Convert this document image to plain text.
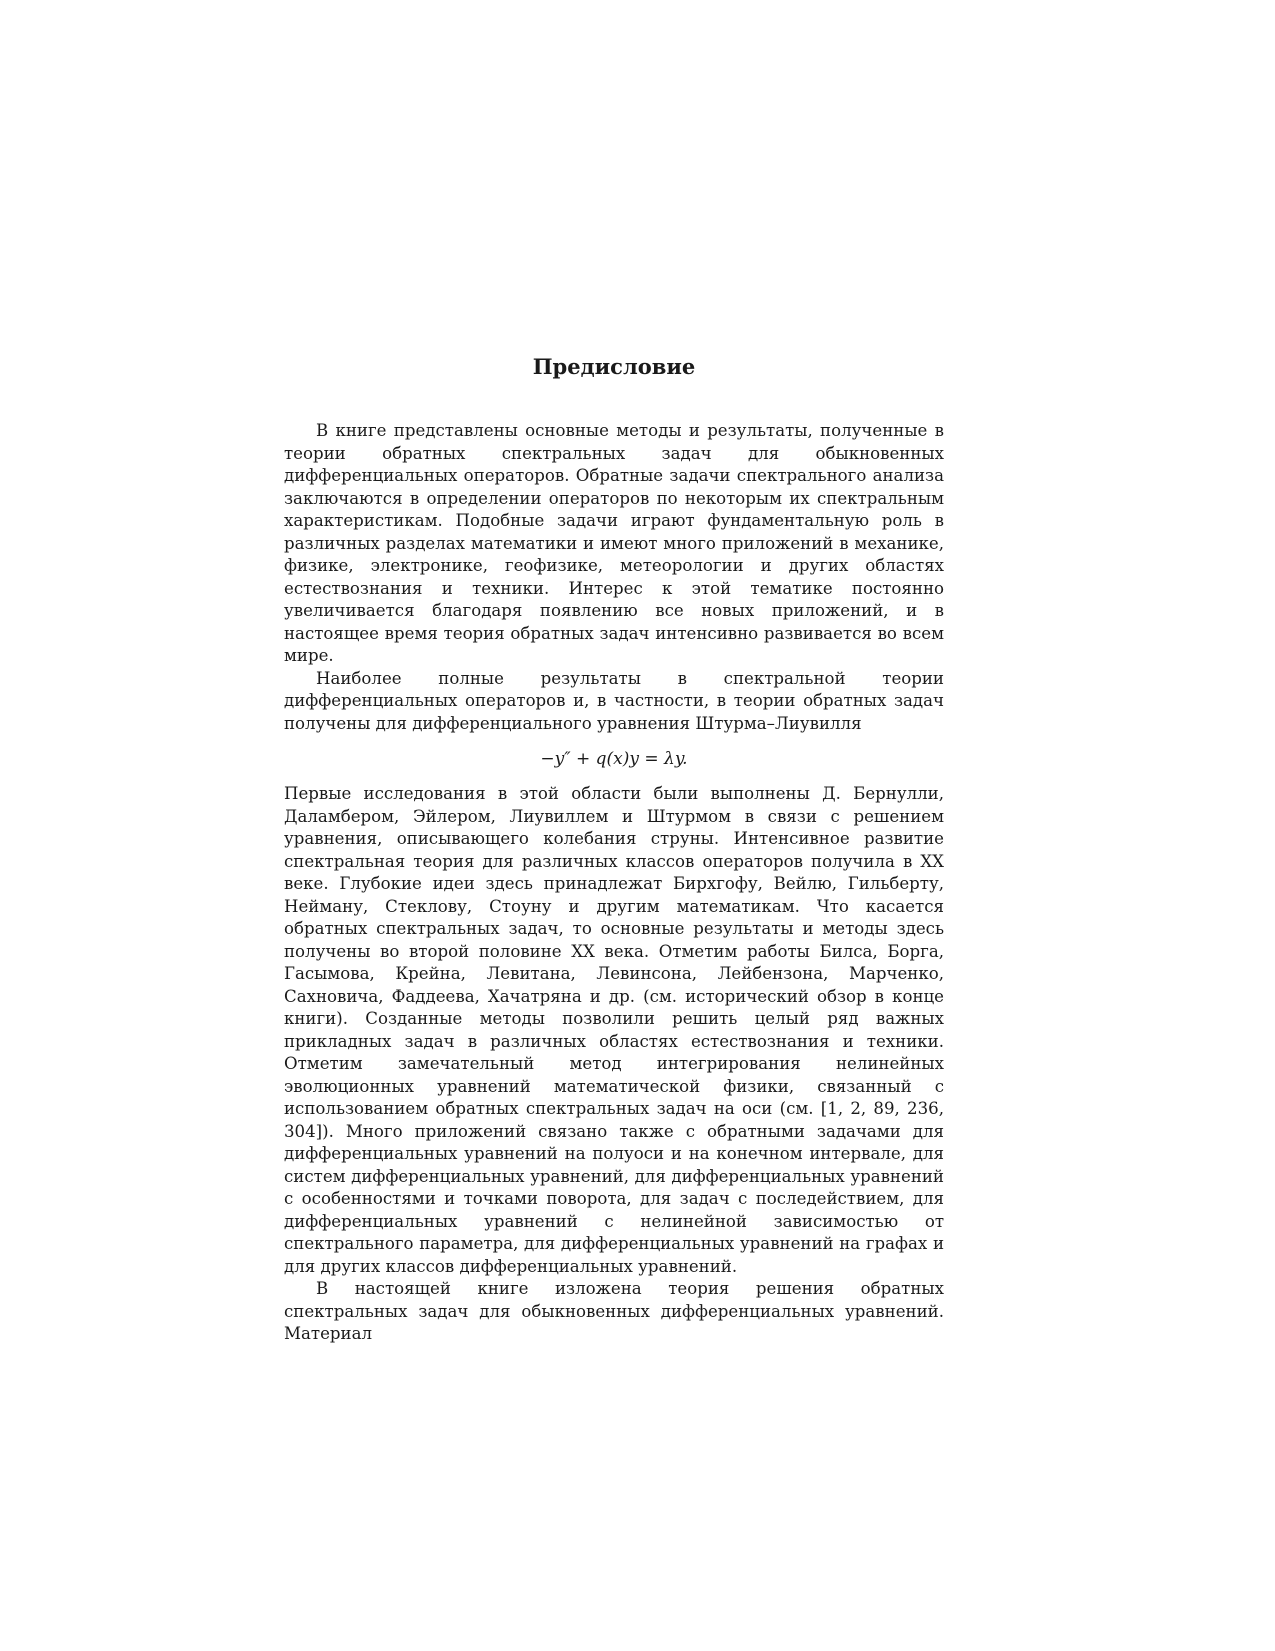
Предисловие

В книге представлены основные методы и результаты, полученные в теории обратных спектральных задач для обыкновенных дифференциальных операторов. Обратные задачи спектрального анализа заключаются в определении операторов по некоторым их спектральным характеристикам. Подобные задачи играют фундаментальную роль в различных разделах математики и имеют много приложений в механике, физике, электронике, геофизике, метеорологии и других областях естествознания и техники. Интерес к этой тематике постоянно увеличивается благодаря появлению все новых приложений, и в настоящее время теория обратных задач интенсивно развивается во всем мире.

Наиболее полные результаты в спектральной теории дифференциальных операторов и, в частности, в теории обратных задач получены для дифференциального уравнения Штурма–Лиувилля

−y″ + q(x)y = λy.

Первые исследования в этой области были выполнены Д. Бернулли, Даламбером, Эйлером, Лиувиллем и Штурмом в связи с решением уравнения, описывающего колебания струны. Интенсивное развитие спектральная теория для различных классов операторов получила в XX веке. Глубокие идеи здесь принадлежат Бирхгофу, Вейлю, Гильберту, Нейману, Стеклову, Стоуну и другим математикам. Что касается обратных спектральных задач, то основные результаты и методы здесь получены во второй половине XX века. Отметим работы Билса, Борга, Гасымова, Крейна, Левитана, Левинсона, Лейбензона, Марченко, Сахновича, Фаддеева, Хачатряна и др. (см. исторический обзор в конце книги). Созданные методы позволили решить целый ряд важных прикладных задач в различных областях естествознания и техники. Отметим замечательный метод интегрирования нелинейных эволюционных уравнений математической физики, связанный с использованием обратных спектральных задач на оси (см. [1, 2, 89, 236, 304]). Много приложений связано также с обратными задачами для дифференциальных уравнений на полуоси и на конечном интервале, для систем дифференциальных уравнений, для дифференциальных уравнений с особенностями и точками поворота, для задач с последействием, для дифференциальных уравнений с нелинейной зависимостью от спектрального параметра, для дифференциальных уравнений на графах и для других классов дифференциальных уравнений.

В настоящей книге изложена теория решения обратных спектральных задач для обыкновенных дифференциальных уравнений. Материал
